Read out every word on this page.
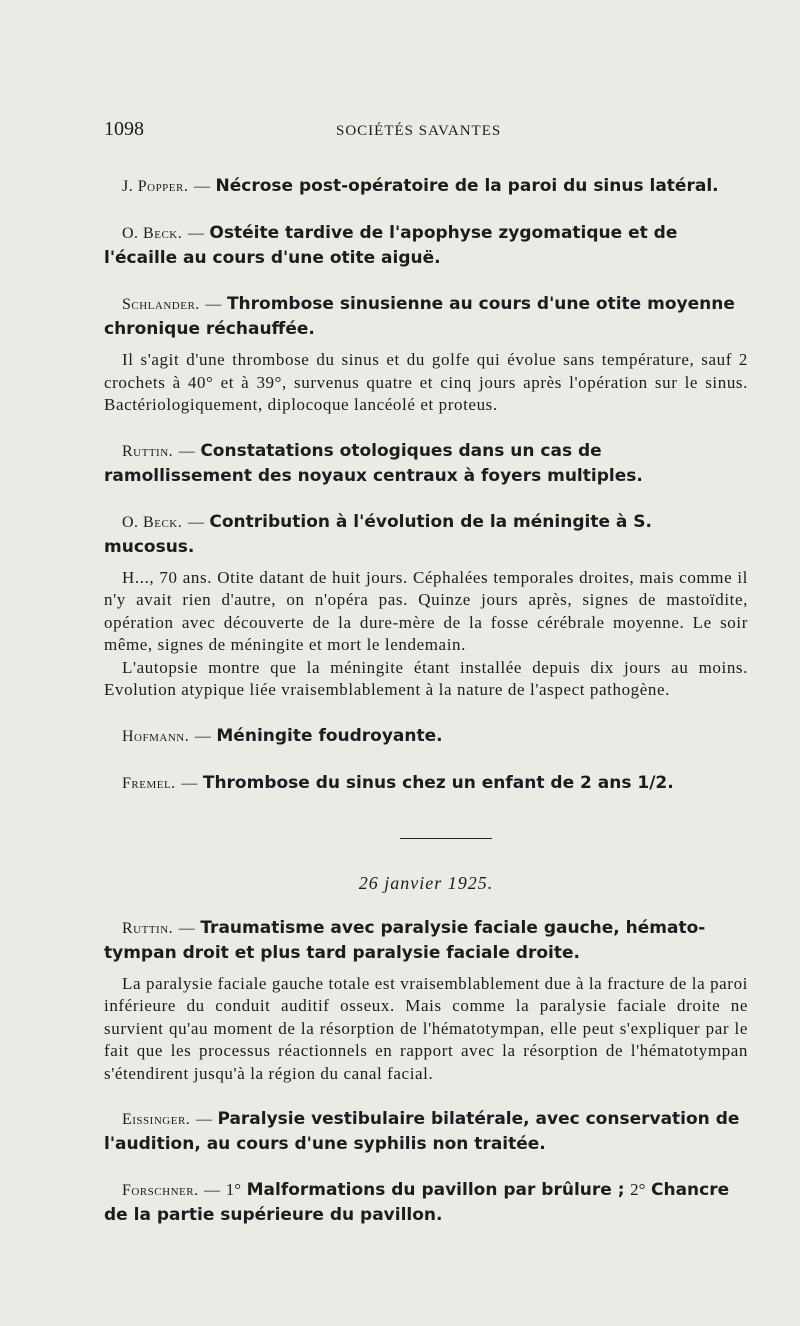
1098	SOCIÉTÉS SAVANTES
J. Popper. — Nécrose post-opératoire de la paroi du sinus latéral.
O. Beck. — Ostéite tardive de l'apophyse zygomatique et de l'écaille au cours d'une otite aiguë.
Schlander. — Thrombose sinusienne au cours d'une otite moyenne chronique réchauffée.

Il s'agit d'une thrombose du sinus et du golfe qui évolue sans température, sauf 2 crochets à 40° et à 39°, survenus quatre et cinq jours après l'opération sur le sinus. Bactériologiquement, diplocoque lancéolé et proteus.

Ruttin. — Constatations otologiques dans un cas de ramollissement des noyaux centraux à foyers multiples.
O. Beck. — Contribution à l'évolution de la méningite à S. mucosus.

H..., 70 ans. Otite datant de huit jours. Céphalées temporales droites, mais comme il n'y avait rien d'autre, on n'opéra pas. Quinze jours après, signes de mastoïdite, opération avec découverte de la dure-mère de la fosse cérébrale moyenne. Le soir même, signes de méningite et mort le lendemain.

L'autopsie montre que la méningite étant installée depuis dix jours au moins. Evolution atypique liée vraisemblablement à la nature de l'aspect pathogène.

Hofmann. — Méningite foudroyante.
Fremel. — Thrombose du sinus chez un enfant de 2 ans 1/2.
26 janvier 1925.
Ruttin. — Traumatisme avec paralysie faciale gauche, hémato-tympan droit et plus tard paralysie faciale droite.

La paralysie faciale gauche totale est vraisemblablement due à la fracture de la paroi inférieure du conduit auditif osseux. Mais comme la paralysie faciale droite ne survient qu'au moment de la résorption de l'hématotympan, elle peut s'expliquer par le fait que les processus réactionnels en rapport avec la résorption de l'hématotympan s'étendirent jusqu'à la région du canal facial.

Eissinger. — Paralysie vestibulaire bilatérale, avec conservation de l'audition, au cours d'une syphilis non traitée.
Forschner. — 1° Malformations du pavillon par brûlure ; 2° Chancre de la partie supérieure du pavillon.
